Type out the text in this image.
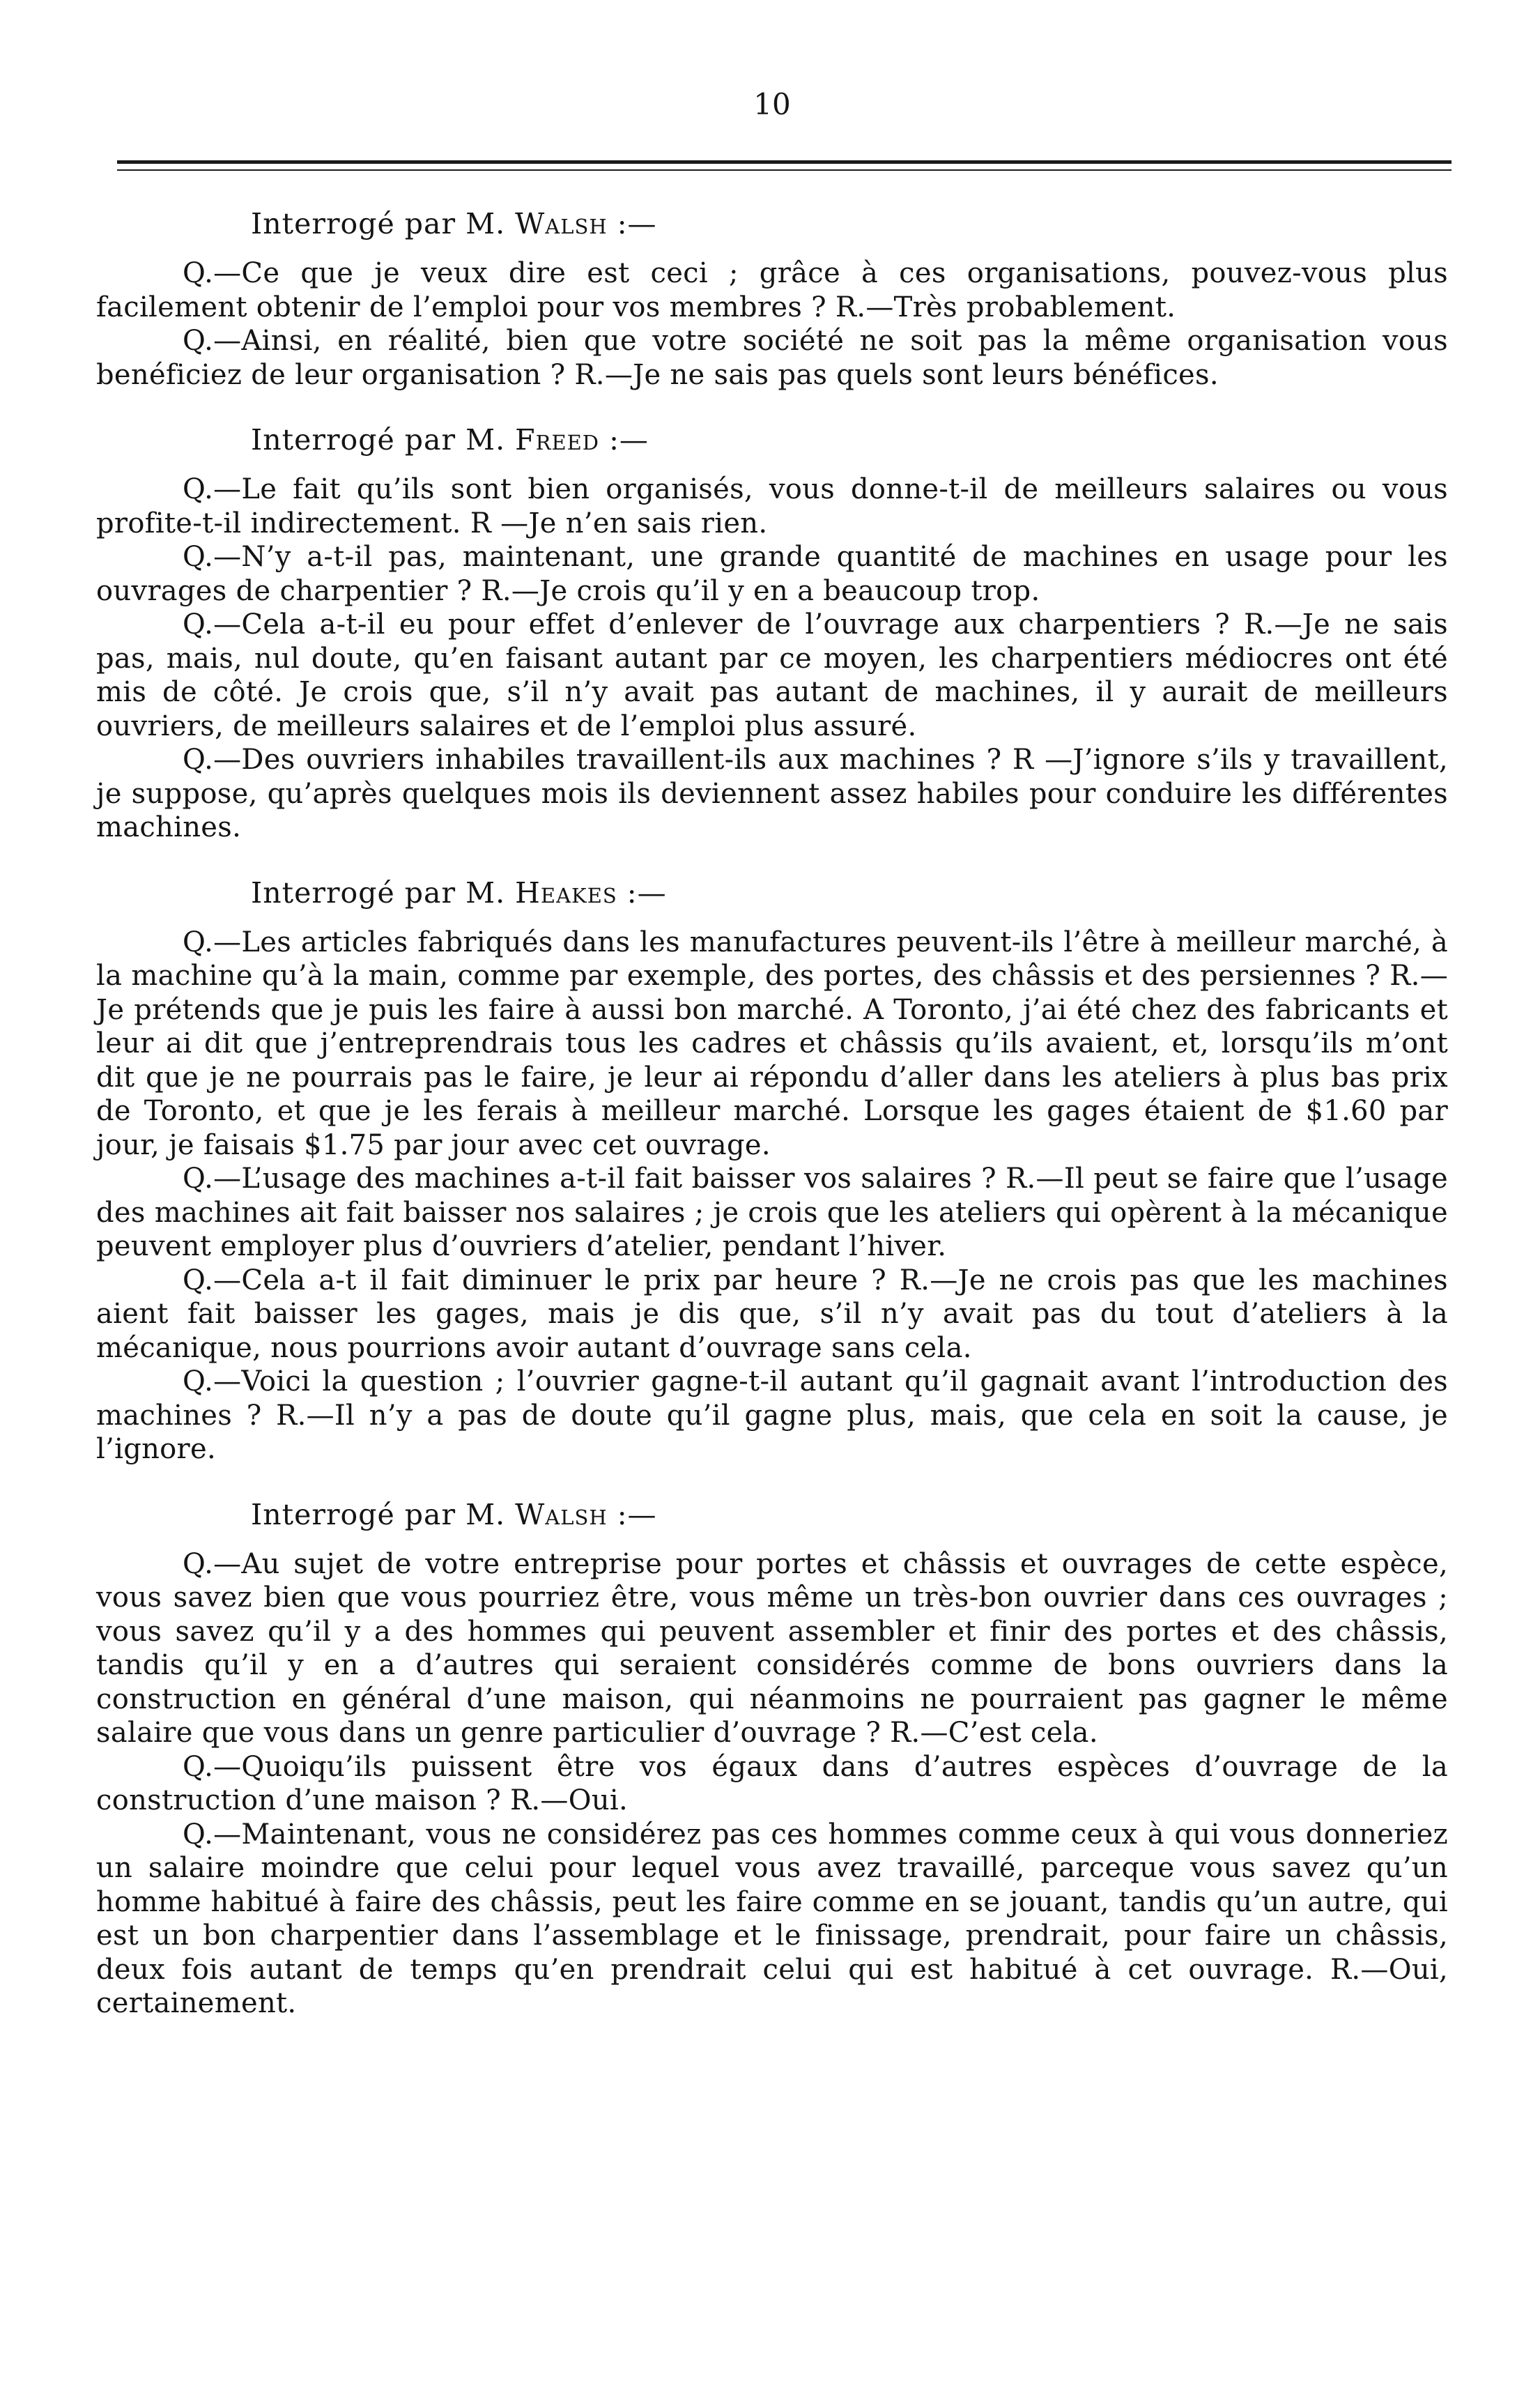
10
Interrogé par M. Walsh :—

Q.—Ce que je veux dire est ceci ; grâce à ces organisations, pouvez-vous plus facilement obtenir de l’emploi pour vos membres ? R.—Très probablement.

Q.—Ainsi, en réalité, bien que votre société ne soit pas la même organisation vous benéficiez de leur organisation ? R.—Je ne sais pas quels sont leurs bénéfices.

Interrogé par M. Freed :—

Q.—Le fait qu’ils sont bien organisés, vous donne-t-il de meilleurs salaires ou vous profite-t-il indirectement. R —Je n’en sais rien.

Q.—N’y a-t-il pas, maintenant, une grande quantité de machines en usage pour les ouvrages de charpentier ? R.—Je crois qu’il y en a beaucoup trop.

Q.—Cela a-t-il eu pour effet d’enlever de l’ouvrage aux charpentiers ? R.—Je ne sais pas, mais, nul doute, qu’en faisant autant par ce moyen, les charpentiers médiocres ont été mis de côté. Je crois que, s’il n’y avait pas autant de machines, il y aurait de meilleurs ouvriers, de meilleurs salaires et de l’emploi plus assuré.

Q.—Des ouvriers inhabiles travaillent-ils aux machines ? R —J’ignore s’ils y travaillent, je suppose, qu’après quelques mois ils deviennent assez habiles pour conduire les différentes machines.

Interrogé par M. Heakes :—

Q.—Les articles fabriqués dans les manufactures peuvent-ils l’être à meilleur marché, à la machine qu’à la main, comme par exemple, des portes, des châssis et des persiennes ? R.—Je prétends que je puis les faire à aussi bon marché. A Toronto, j’ai été chez des fabricants et leur ai dit que j’entreprendrais tous les cadres et châssis qu’ils avaient, et, lorsqu’ils m’ont dit que je ne pourrais pas le faire, je leur ai répondu d’aller dans les ateliers à plus bas prix de Toronto, et que je les ferais à meilleur marché. Lorsque les gages étaient de $1.60 par jour, je faisais $1.75 par jour avec cet ouvrage.

Q.—L’usage des machines a-t-il fait baisser vos salaires ? R.—Il peut se faire que l’usage des machines ait fait baisser nos salaires ; je crois que les ateliers qui opèrent à la mécanique peuvent employer plus d’ouvriers d’atelier, pendant l’hiver.

Q.—Cela a-t il fait diminuer le prix par heure ? R.—Je ne crois pas que les machines aient fait baisser les gages, mais je dis que, s’il n’y avait pas du tout d’ateliers à la mécanique, nous pourrions avoir autant d’ouvrage sans cela.

Q.—Voici la question ; l’ouvrier gagne-t-il autant qu’il gagnait avant l’introduction des machines ? R.—Il n’y a pas de doute qu’il gagne plus, mais, que cela en soit la cause, je l’ignore.

Interrogé par M. Walsh :—

Q.—Au sujet de votre entreprise pour portes et châssis et ouvrages de cette espèce, vous savez bien que vous pourriez être, vous même un très-bon ouvrier dans ces ouvrages ; vous savez qu’il y a des hommes qui peuvent assembler et finir des portes et des châssis, tandis qu’il y en a d’autres qui seraient considérés comme de bons ouvriers dans la construction en général d’une maison, qui néanmoins ne pourraient pas gagner le même salaire que vous dans un genre particulier d’ouvrage ? R.—C’est cela.

Q.—Quoiqu’ils puissent être vos égaux dans d’autres espèces d’ouvrage de la construction d’une maison ? R.—Oui.

Q.—Maintenant, vous ne considérez pas ces hommes comme ceux à qui vous donneriez un salaire moindre que celui pour lequel vous avez travaillé, parceque vous savez qu’un homme habitué à faire des châssis, peut les faire comme en se jouant, tandis qu’un autre, qui est un bon charpentier dans l’assemblage et le finissage, prendrait, pour faire un châssis, deux fois autant de temps qu’en prendrait celui qui est habitué à cet ouvrage. R.—Oui, certainement.
